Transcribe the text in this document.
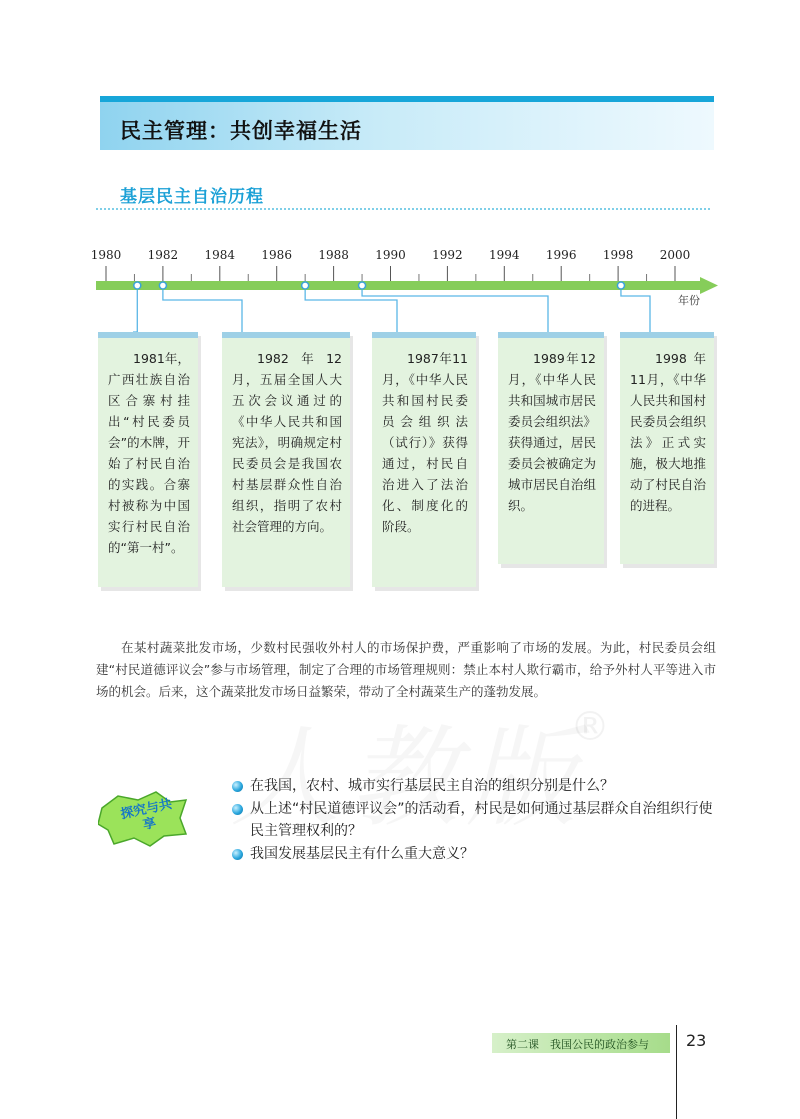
民主管理：共创幸福生活
基层民主自治历程
1980 1982 1984 1986 1988 1990 1992 1994 1996 1998 2000
年份
1981年，广西壮族自治区合寨村挂出“村民委员会”的木牌，开始了村民自治的实践。合寨村被称为中国实行村民自治的“第一村”。
1982年12月，五届全国人大五次会议通过的《中华人民共和国宪法》，明确规定村民委员会是我国农村基层群众性自治组织，指明了农村社会管理的方向。
1987年11月，《中华人民共和国村民委员会组织法（试行）》获得通过，村民自治进入了法治化、制度化的阶段。
1989年12月，《中华人民共和国城市居民委员会组织法》获得通过，居民委员会被确定为城市居民自治组织。
1998年11月，《中华人民共和国村民委员会组织法》正式实施，极大地推动了村民自治的进程。
在某村蔬菜批发市场，少数村民强收外村人的市场保护费，严重影响了市场的发展。为此，村民委员会组建“村民道德评议会”参与市场管理，制定了合理的市场管理规则：禁止本村人欺行霸市，给予外村人平等进入市场的机会。后来，这个蔬菜批发市场日益繁荣，带动了全村蔬菜生产的蓬勃发展。
®
探究与共享
在我国，农村、城市实行基层民主自治的组织分别是什么？
从上述“村民道德评议会”的活动看，村民是如何通过基层群众自治组织行使民主管理权利的？
我国发展基层民主有什么重大意义？
第二课　我国公民的政治参与 23
